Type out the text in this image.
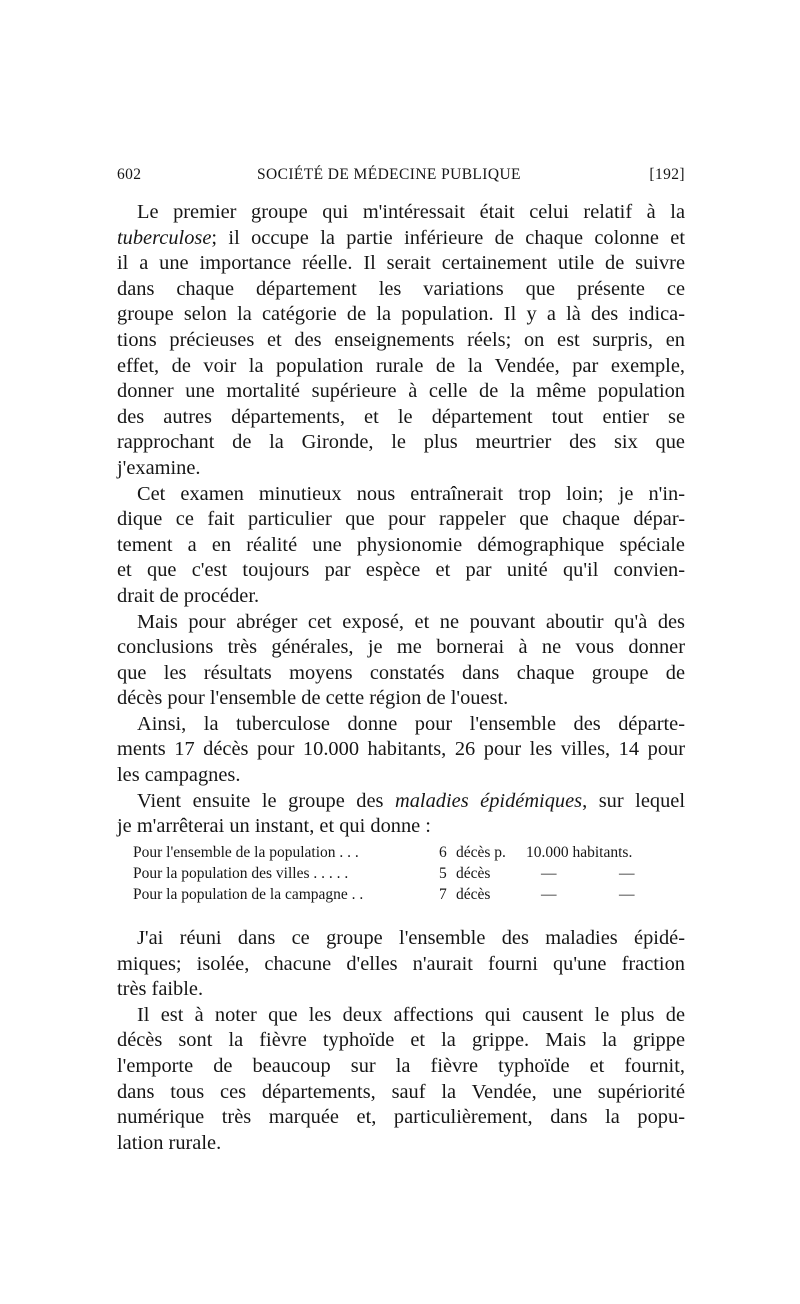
602	SOCIÉTÉ DE MÉDECINE PUBLIQUE	[192]
Le premier groupe qui m'intéressait était celui relatif à la
tuberculose; il occupe la partie inférieure de chaque colonne et
il a une importance réelle. Il serait certainement utile de suivre
dans chaque département les variations que présente ce
groupe selon la catégorie de la population. Il y a là des indica-
tions précieuses et des enseignements réels; on est surpris, en
effet, de voir la population rurale de la Vendée, par exemple,
donner une mortalité supérieure à celle de la même population
des autres départements, et le département tout entier se
rapprochant de la Gironde, le plus meurtrier des six que
j'examine.
Cet examen minutieux nous entraînerait trop loin; je n'in-
dique ce fait particulier que pour rappeler que chaque dépar-
tement a en réalité une physionomie démographique spéciale
et que c'est toujours par espèce et par unité qu'il convien-
drait de procéder.
Mais pour abréger cet exposé, et ne pouvant aboutir qu'à des
conclusions très générales, je me bornerai à ne vous donner
que les résultats moyens constatés dans chaque groupe de
décès pour l'ensemble de cette région de l'ouest.
Ainsi, la tuberculose donne pour l'ensemble des départe-
ments 17 décès pour 10.000 habitants, 26 pour les villes, 14 pour
les campagnes.
Vient ensuite le groupe des maladies épidémiques, sur lequel
je m'arrêterai un instant, et qui donne :
Pour l'ensemble de la population . . .	6 décès p. 10.000 habitants.
Pour la population des villes . . . . .	5 décès	—	—
Pour la population de la campagne . .	7 décès	—	—
J'ai réuni dans ce groupe l'ensemble des maladies épidé-
miques; isolée, chacune d'elles n'aurait fourni qu'une fraction
très faible.
Il est à noter que les deux affections qui causent le plus de
décès sont la fièvre typhoïde et la grippe. Mais la grippe
l'emporte de beaucoup sur la fièvre typhoïde et fournit,
dans tous ces départements, sauf la Vendée, une supériorité
numérique très marquée et, particulièrement, dans la popu-
lation rurale.
